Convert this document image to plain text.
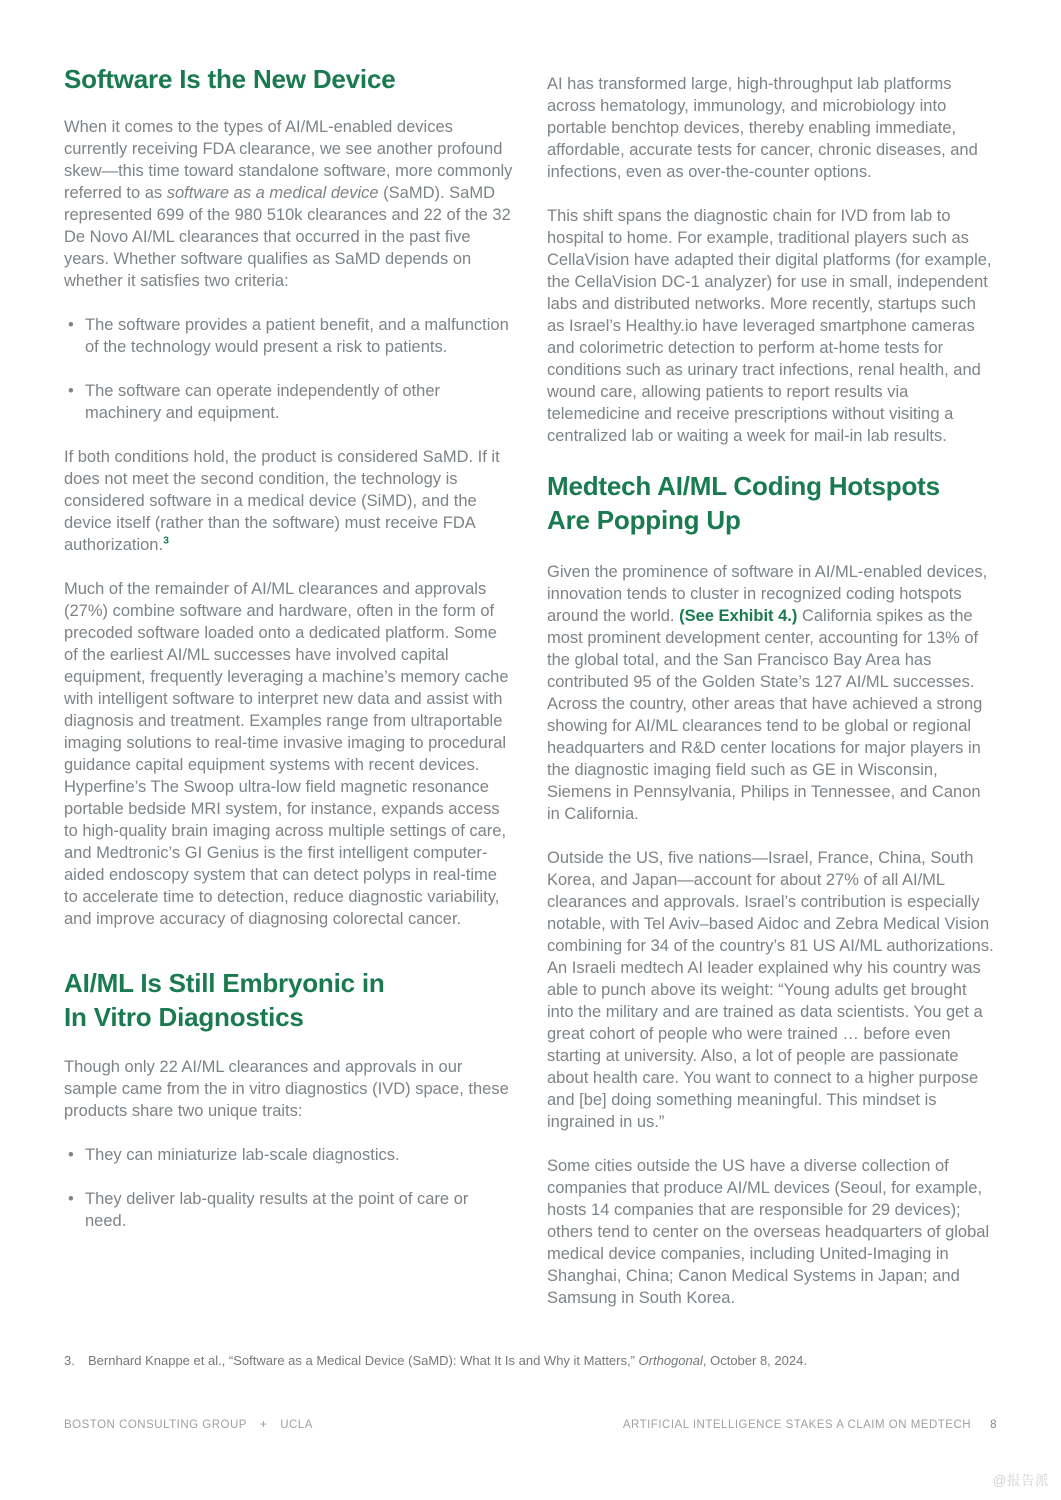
Software Is the New Device

When it comes to the types of AI/ML-enabled devices currently receiving FDA clearance, we see another profound skew—this time toward standalone software, more commonly referred to as software as a medical device (SaMD). SaMD represented 699 of the 980 510k clearances and 22 of the 32 De Novo AI/ML clearances that occurred in the past five years. Whether software qualifies as SaMD depends on whether it satisfies two criteria:

• The software provides a patient benefit, and a malfunction of the technology would present a risk to patients.
• The software can operate independently of other machinery and equipment.

If both conditions hold, the product is considered SaMD. If it does not meet the second condition, the technology is considered software in a medical device (SiMD), and the device itself (rather than the software) must receive FDA authorization.$^3$

Much of the remainder of AI/ML clearances and approvals (27%) combine software and hardware, often in the form of precoded software loaded onto a dedicated platform. Some of the earliest AI/ML successes have involved capital equipment, frequently leveraging a machine’s memory cache with intelligent software to interpret new data and assist with diagnosis and treatment. Examples range from ultraportable imaging solutions to real-time invasive imaging to procedural guidance capital equipment systems with recent devices. Hyperfine’s The Swoop ultra-low field magnetic resonance portable bedside MRI system, for instance, expands access to high-quality brain imaging across multiple settings of care, and Medtronic’s GI Genius is the first intelligent computer-aided endoscopy system that can detect polyps in real-time to accelerate time to detection, reduce diagnostic variability, and improve accuracy of diagnosing colorectal cancer.

AI/ML Is Still Embryonic in
In Vitro Diagnostics

Though only 22 AI/ML clearances and approvals in our sample came from the in vitro diagnostics (IVD) space, these products share two unique traits:

• They can miniaturize lab-scale diagnostics.
• They deliver lab-quality results at the point of care or need.

AI has transformed large, high-throughput lab platforms across hematology, immunology, and microbiology into portable benchtop devices, thereby enabling immediate, affordable, accurate tests for cancer, chronic diseases, and infections, even as over-the-counter options.

This shift spans the diagnostic chain for IVD from lab to hospital to home. For example, traditional players such as CellaVision have adapted their digital platforms (for example, the CellaVision DC-1 analyzer) for use in small, independent labs and distributed networks. More recently, startups such as Israel’s Healthy.io have leveraged smartphone cameras and colorimetric detection to perform at-home tests for conditions such as urinary tract infections, renal health, and wound care, allowing patients to report results via telemedicine and receive prescriptions without visiting a centralized lab or waiting a week for mail-in lab results.

Medtech AI/ML Coding Hotspots
Are Popping Up

Given the prominence of software in AI/ML-enabled devices, innovation tends to cluster in recognized coding hotspots around the world. (See Exhibit 4.) California spikes as the most prominent development center, accounting for 13% of the global total, and the San Francisco Bay Area has contributed 95 of the Golden State’s 127 AI/ML successes. Across the country, other areas that have achieved a strong showing for AI/ML clearances tend to be global or regional headquarters and R&D center locations for major players in the diagnostic imaging field such as GE in Wisconsin, Siemens in Pennsylvania, Philips in Tennessee, and Canon in California.

Outside the US, five nations—Israel, France, China, South Korea, and Japan—account for about 27% of all AI/ML clearances and approvals. Israel’s contribution is especially notable, with Tel Aviv–based Aidoc and Zebra Medical Vision combining for 34 of the country’s 81 US AI/ML authorizations. An Israeli medtech AI leader explained why his country was able to punch above its weight: “Young adults get brought into the military and are trained as data scientists. You get a great cohort of people who were trained … before even starting at university. Also, a lot of people are passionate about health care. You want to connect to a higher purpose and [be] doing something meaningful. This mindset is ingrained in us.”

Some cities outside the US have a diverse collection of companies that produce AI/ML devices (Seoul, for example, hosts 14 companies that are responsible for 29 devices); others tend to center on the overseas headquarters of global medical device companies, including United-Imaging in Shanghai, China; Canon Medical Systems in Japan; and Samsung in South Korea.

3.	Bernhard Knappe et al., “Software as a Medical Device (SaMD): What It Is and Why it Matters,” Orthogonal, October 8, 2024.
BOSTON CONSULTING GROUP + UCLA	ARTIFICIAL INTELLIGENCE STAKES A CLAIM ON MEDTECH 8
@报告派
